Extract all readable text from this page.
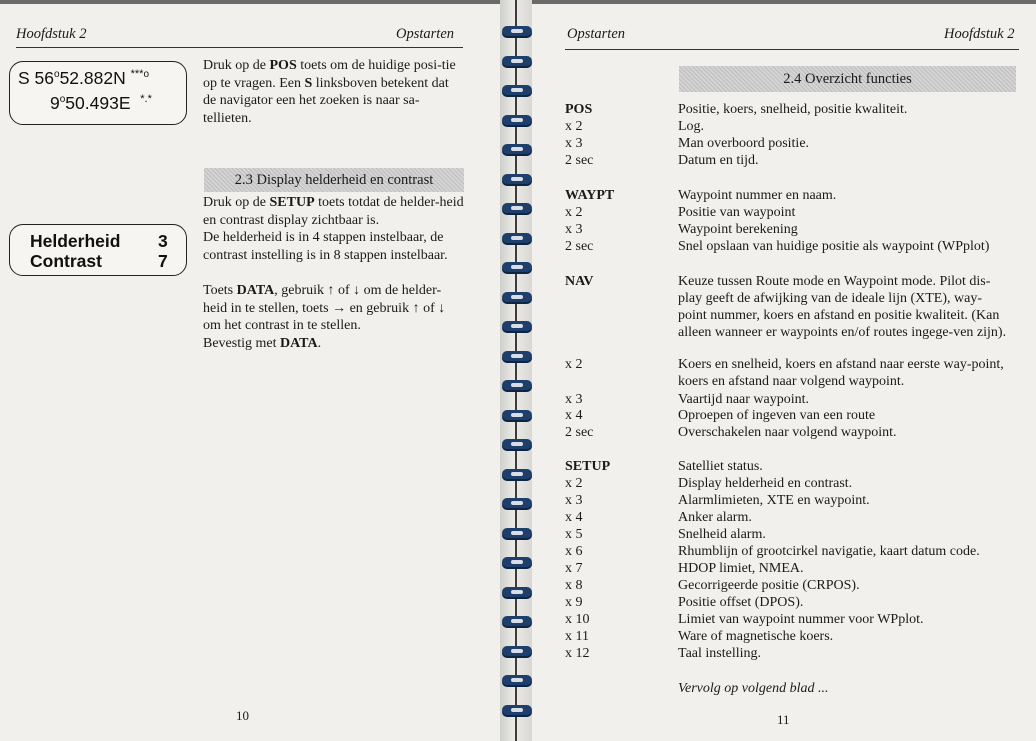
Hoofdstuk 2	Opstarten
S 56$^o$52.882N $^{***o}$
9$^o$50.493E *.*
Druk op de POS toets om de huidige posi-tie op te vragen. Een S linksboven betekent dat de navigator een het zoeken is naar sa-tellieten.
2.3 Display helderheid en contrast
Helderheid 3
Contrast	7
Druk op de SETUP toets totdat de helder-heid en contrast display zichtbaar is.
De helderheid is in 4 stappen instelbaar, de contrast instelling is in 8 stappen instelbaar.
Toets DATA, gebruik ↑ of ↓ om de helder-heid in te stellen, toets → en gebruik ↑ of ↓ om het contrast in te stellen.
Bevestig met DATA.
10
Opstarten	Hoofdstuk 2
2.4 Overzicht functies
11
POS	Positie, koers, snelheid, positie kwaliteit.
x 2	Log.
x 3	Man overboord positie.
2 sec	Datum en tijd.
WAYPT	Waypoint nummer en naam.
x 2	Positie van waypoint
x 3	Waypoint berekening
2 sec	Snel opslaan van huidige positie als waypoint (WPplot)
NAV	Keuze tussen Route mode en Waypoint mode. Pilot dis-play geeft de afwijking van de ideale lijn (XTE), way-point nummer, koers en afstand en positie kwaliteit. (Kan alleen wanneer er waypoints en/of routes ingege-ven zijn).
x 2	Koers en snelheid, koers en afstand naar eerste way-point, koers en afstand naar volgend waypoint.
x 3	Vaartijd naar waypoint.
x 4	Oproepen of ingeven van een route
2 sec	Overschakelen naar volgend waypoint.
SETUP	Satelliet status.
x 2	Display helderheid en contrast.
x 3	Alarmlimieten, XTE en waypoint.
x 4	Anker alarm.
x 5	Snelheid alarm.
x 6	Rhumblijn of grootcirkel navigatie, kaart datum code.
x 7	HDOP limiet, NMEA.
x 8	Gecorrigeerde positie (CRPOS).
x 9	Positie offset (DPOS).
x 10	Limiet van waypoint nummer voor WPplot.
x 11	Ware of magnetische koers.
x 12	Taal instelling.
Vervolg op volgend blad ...
